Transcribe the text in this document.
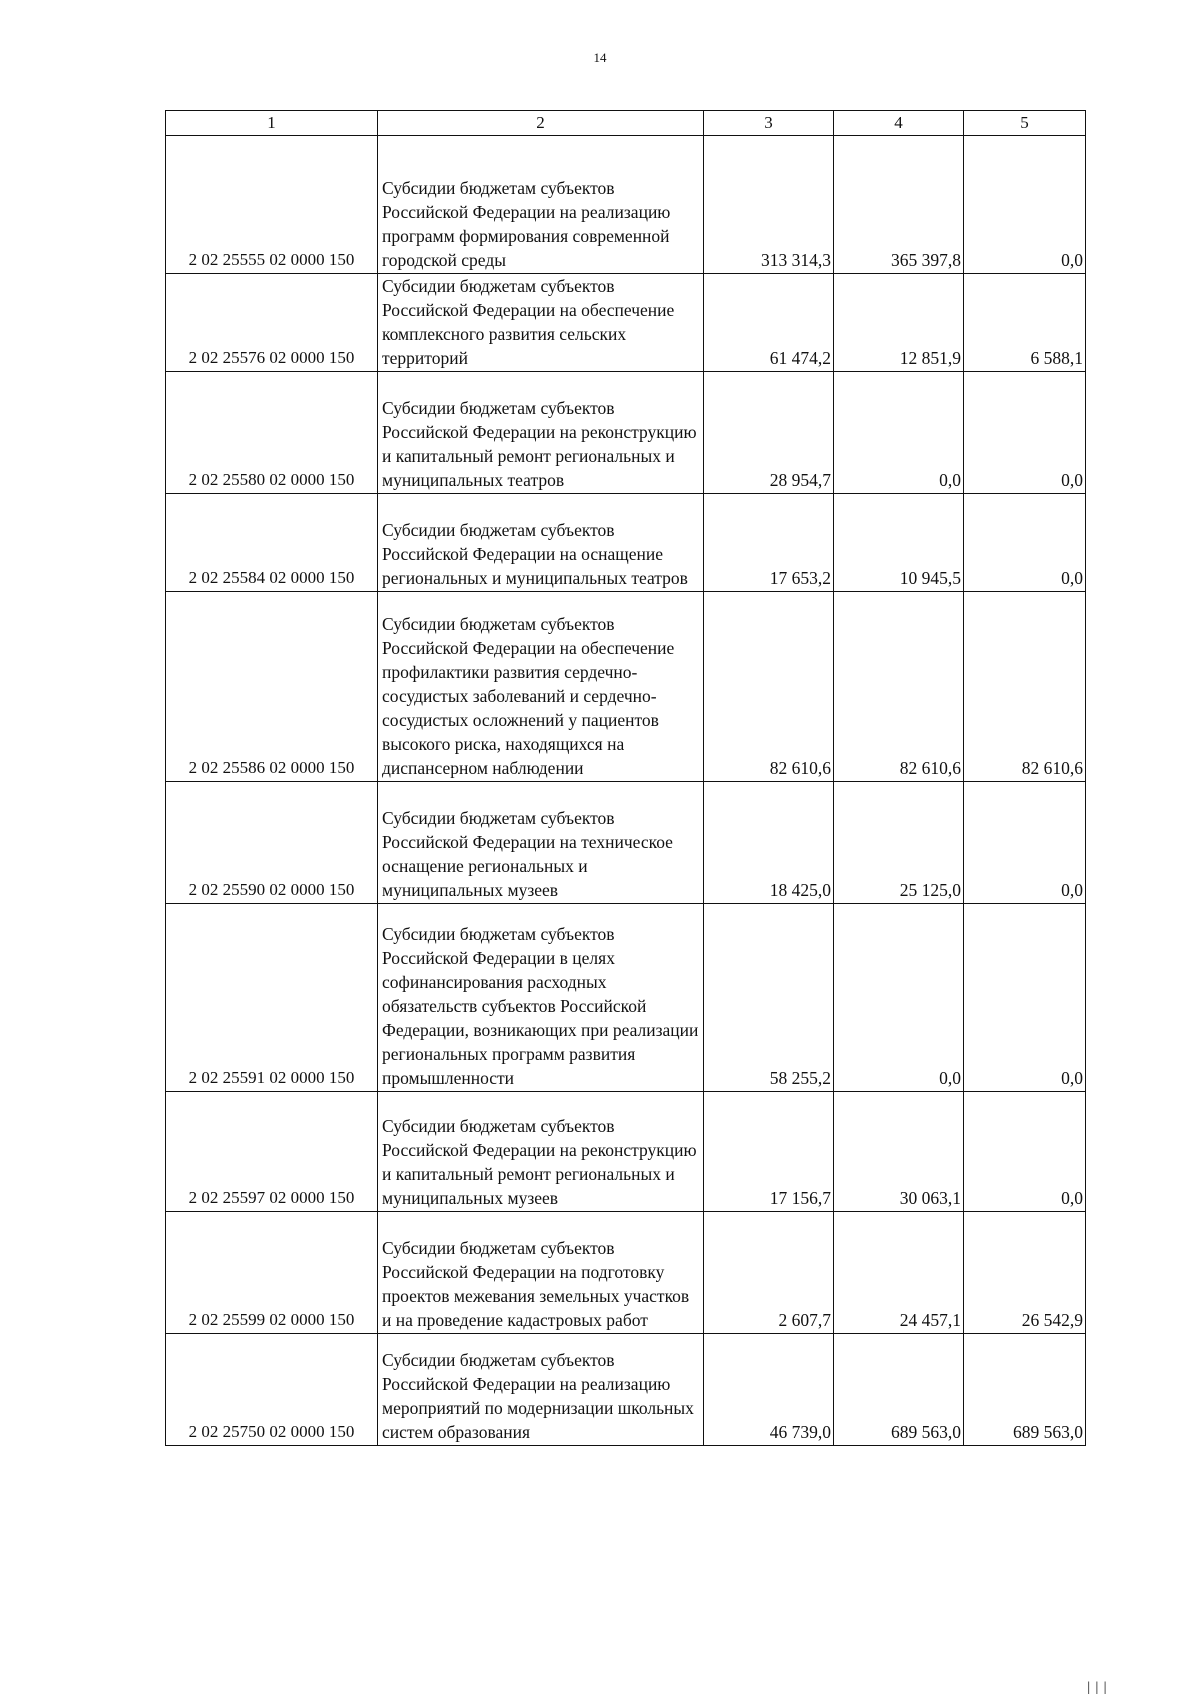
14
1	2	3	4	5
2 02 25555 02 0000 150	Субсидии бюджетам субъектов Российской Федерации на реализацию программ формирования современной городской среды	313 314,3	365 397,8	0,0
2 02 25576 02 0000 150	Субсидии бюджетам субъектов Российской Федерации на обеспечение комплексного развития сельских территорий	61 474,2	12 851,9	6 588,1
2 02 25580 02 0000 150	Субсидии бюджетам субъектов Российской Федерации на реконструкцию и капитальный ремонт региональных и муниципальных театров	28 954,7	0,0	0,0
2 02 25584 02 0000 150	Субсидии бюджетам субъектов Российской Федерации на оснащение региональных и муниципальных театров	17 653,2	10 945,5	0,0
2 02 25586 02 0000 150	Субсидии бюджетам субъектов Российской Федерации на обеспечение профилактики развития сердечно-сосудистых заболеваний и сердечно-сосудистых осложнений у пациентов высокого риска, находящихся на диспансерном наблюдении	82 610,6	82 610,6	82 610,6
2 02 25590 02 0000 150	Субсидии бюджетам субъектов Российской Федерации на техническое оснащение региональных и муниципальных музеев	18 425,0	25 125,0	0,0
2 02 25591 02 0000 150	Субсидии бюджетам субъектов Российской Федерации в целях софинансирования расходных обязательств субъектов Российской Федерации, возникающих при реализации региональных программ развития промышленности	58 255,2	0,0	0,0
2 02 25597 02 0000 150	Субсидии бюджетам субъектов Российской Федерации на реконструкцию и капитальный ремонт региональных и муниципальных музеев	17 156,7	30 063,1	0,0
2 02 25599 02 0000 150	Субсидии бюджетам субъектов Российской Федерации на подготовку проектов межевания земельных участков и на проведение кадастровых работ	2 607,7	24 457,1	26 542,9
2 02 25750 02 0000 150	Субсидии бюджетам субъектов Российской Федерации на реализацию мероприятий по модернизации школьных систем образования	46 739,0	689 563,0	689 563,0
|||
